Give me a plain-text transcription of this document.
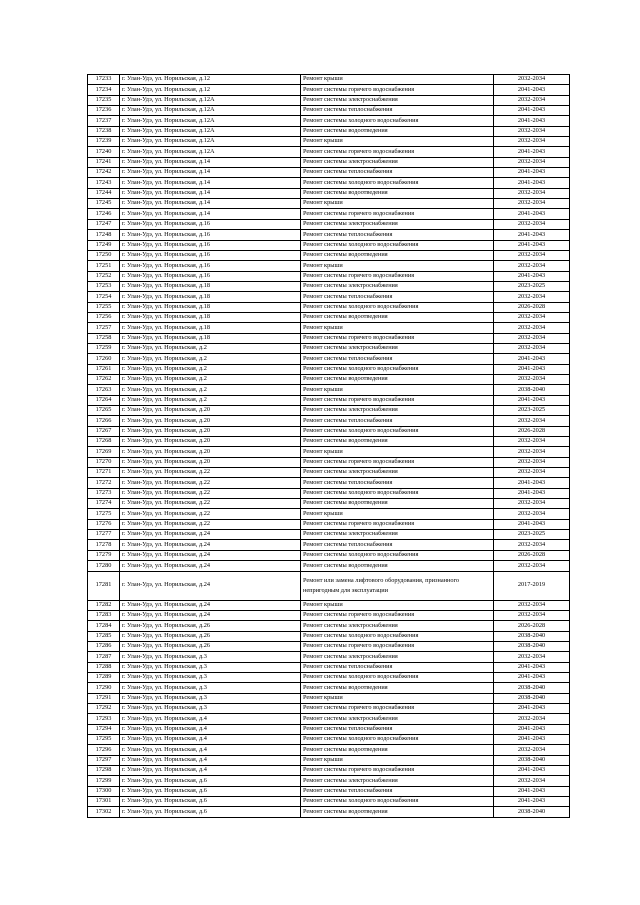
17233	г. Улан-Удэ, ул. Норильская, д.12	Ремонт крыши	2032-2034
17234	г. Улан-Удэ, ул. Норильская, д.12	Ремонт системы горячего водоснабжения	2041-2043
17235	г. Улан-Удэ, ул. Норильская, д.12А	Ремонт системы электроснабжения	2032-2034
17236	г. Улан-Удэ, ул. Норильская, д.12А	Ремонт системы теплоснабжения	2041-2043
17237	г. Улан-Удэ, ул. Норильская, д.12А	Ремонт системы холодного водоснабжения	2041-2043
17238	г. Улан-Удэ, ул. Норильская, д.12А	Ремонт системы водоотведения	2032-2034
17239	г. Улан-Удэ, ул. Норильская, д.12А	Ремонт крыши	2032-2034
17240	г. Улан-Удэ, ул. Норильская, д.12А	Ремонт системы горячего водоснабжения	2041-2043
17241	г. Улан-Удэ, ул. Норильская, д.14	Ремонт системы электроснабжения	2032-2034
17242	г. Улан-Удэ, ул. Норильская, д.14	Ремонт системы теплоснабжения	2041-2043
17243	г. Улан-Удэ, ул. Норильская, д.14	Ремонт системы холодного водоснабжения	2041-2043
17244	г. Улан-Удэ, ул. Норильская, д.14	Ремонт системы водоотведения	2032-2034
17245	г. Улан-Удэ, ул. Норильская, д.14	Ремонт крыши	2032-2034
17246	г. Улан-Удэ, ул. Норильская, д.14	Ремонт системы горячего водоснабжения	2041-2043
17247	г. Улан-Удэ, ул. Норильская, д.16	Ремонт системы электроснабжения	2032-2034
17248	г. Улан-Удэ, ул. Норильская, д.16	Ремонт системы теплоснабжения	2041-2043
17249	г. Улан-Удэ, ул. Норильская, д.16	Ремонт системы холодного водоснабжения	2041-2043
17250	г. Улан-Удэ, ул. Норильская, д.16	Ремонт системы водоотведения	2032-2034
17251	г. Улан-Удэ, ул. Норильская, д.16	Ремонт крыши	2032-2034
17252	г. Улан-Удэ, ул. Норильская, д.16	Ремонт системы горячего водоснабжения	2041-2043
17253	г. Улан-Удэ, ул. Норильская, д.18	Ремонт системы электроснабжения	2023-2025
17254	г. Улан-Удэ, ул. Норильская, д.18	Ремонт системы теплоснабжения	2032-2034
17255	г. Улан-Удэ, ул. Норильская, д.18	Ремонт системы холодного водоснабжения	2026-2028
17256	г. Улан-Удэ, ул. Норильская, д.18	Ремонт системы водоотведения	2032-2034
17257	г. Улан-Удэ, ул. Норильская, д.18	Ремонт крыши	2032-2034
17258	г. Улан-Удэ, ул. Норильская, д.18	Ремонт системы горячего водоснабжения	2032-2034
17259	г. Улан-Удэ, ул. Норильская, д.2	Ремонт системы электроснабжения	2032-2034
17260	г. Улан-Удэ, ул. Норильская, д.2	Ремонт системы теплоснабжения	2041-2043
17261	г. Улан-Удэ, ул. Норильская, д.2	Ремонт системы холодного водоснабжения	2041-2043
17262	г. Улан-Удэ, ул. Норильская, д.2	Ремонт системы водоотведения	2032-2034
17263	г. Улан-Удэ, ул. Норильская, д.2	Ремонт крыши	2038-2040
17264	г. Улан-Удэ, ул. Норильская, д.2	Ремонт системы горячего водоснабжения	2041-2043
17265	г. Улан-Удэ, ул. Норильская, д.20	Ремонт системы электроснабжения	2023-2025
17266	г. Улан-Удэ, ул. Норильская, д.20	Ремонт системы теплоснабжения	2032-2034
17267	г. Улан-Удэ, ул. Норильская, д.20	Ремонт системы холодного водоснабжения	2026-2028
17268	г. Улан-Удэ, ул. Норильская, д.20	Ремонт системы водоотведения	2032-2034
17269	г. Улан-Удэ, ул. Норильская, д.20	Ремонт крыши	2032-2034
17270	г. Улан-Удэ, ул. Норильская, д.20	Ремонт системы горячего водоснабжения	2032-2034
17271	г. Улан-Удэ, ул. Норильская, д.22	Ремонт системы электроснабжения	2032-2034
17272	г. Улан-Удэ, ул. Норильская, д.22	Ремонт системы теплоснабжения	2041-2043
17273	г. Улан-Удэ, ул. Норильская, д.22	Ремонт системы холодного водоснабжения	2041-2043
17274	г. Улан-Удэ, ул. Норильская, д.22	Ремонт системы водоотведения	2032-2034
17275	г. Улан-Удэ, ул. Норильская, д.22	Ремонт крыши	2032-2034
17276	г. Улан-Удэ, ул. Норильская, д.22	Ремонт системы горячего водоснабжения	2041-2043
17277	г. Улан-Удэ, ул. Норильская, д.24	Ремонт системы электроснабжения	2023-2025
17278	г. Улан-Удэ, ул. Норильская, д.24	Ремонт системы теплоснабжения	2032-2034
17279	г. Улан-Удэ, ул. Норильская, д.24	Ремонт системы холодного водоснабжения	2026-2028
17280	г. Улан-Удэ, ул. Норильская, д.24	Ремонт системы водоотведения	2032-2034
17281	г. Улан-Удэ, ул. Норильская, д.24	Ремонт или замена лифтового оборудования, признанного непригодным для эксплуатации	2017-2019
17282	г. Улан-Удэ, ул. Норильская, д.24	Ремонт крыши	2032-2034
17283	г. Улан-Удэ, ул. Норильская, д.24	Ремонт системы горячего водоснабжения	2032-2034
17284	г. Улан-Удэ, ул. Норильская, д.26	Ремонт системы электроснабжения	2026-2028
17285	г. Улан-Удэ, ул. Норильская, д.26	Ремонт системы холодного водоснабжения	2038-2040
17286	г. Улан-Удэ, ул. Норильская, д.26	Ремонт системы горячего водоснабжения	2038-2040
17287	г. Улан-Удэ, ул. Норильская, д.3	Ремонт системы электроснабжения	2032-2034
17288	г. Улан-Удэ, ул. Норильская, д.3	Ремонт системы теплоснабжения	2041-2043
17289	г. Улан-Удэ, ул. Норильская, д.3	Ремонт системы холодного водоснабжения	2041-2043
17290	г. Улан-Удэ, ул. Норильская, д.3	Ремонт системы водоотведения	2038-2040
17291	г. Улан-Удэ, ул. Норильская, д.3	Ремонт крыши	2038-2040
17292	г. Улан-Удэ, ул. Норильская, д.3	Ремонт системы горячего водоснабжения	2041-2043
17293	г. Улан-Удэ, ул. Норильская, д.4	Ремонт системы электроснабжения	2032-2034
17294	г. Улан-Удэ, ул. Норильская, д.4	Ремонт системы теплоснабжения	2041-2043
17295	г. Улан-Удэ, ул. Норильская, д.4	Ремонт системы холодного водоснабжения	2041-2043
17296	г. Улан-Удэ, ул. Норильская, д.4	Ремонт системы водоотведения	2032-2034
17297	г. Улан-Удэ, ул. Норильская, д.4	Ремонт крыши	2038-2040
17298	г. Улан-Удэ, ул. Норильская, д.4	Ремонт системы горячего водоснабжения	2041-2043
17299	г. Улан-Удэ, ул. Норильская, д.6	Ремонт системы электроснабжения	2032-2034
17300	г. Улан-Удэ, ул. Норильская, д.6	Ремонт системы теплоснабжения	2041-2043
17301	г. Улан-Удэ, ул. Норильская, д.6	Ремонт системы холодного водоснабжения	2041-2043
17302	г. Улан-Удэ, ул. Норильская, д.6	Ремонт системы водоотведения	2038-2040
